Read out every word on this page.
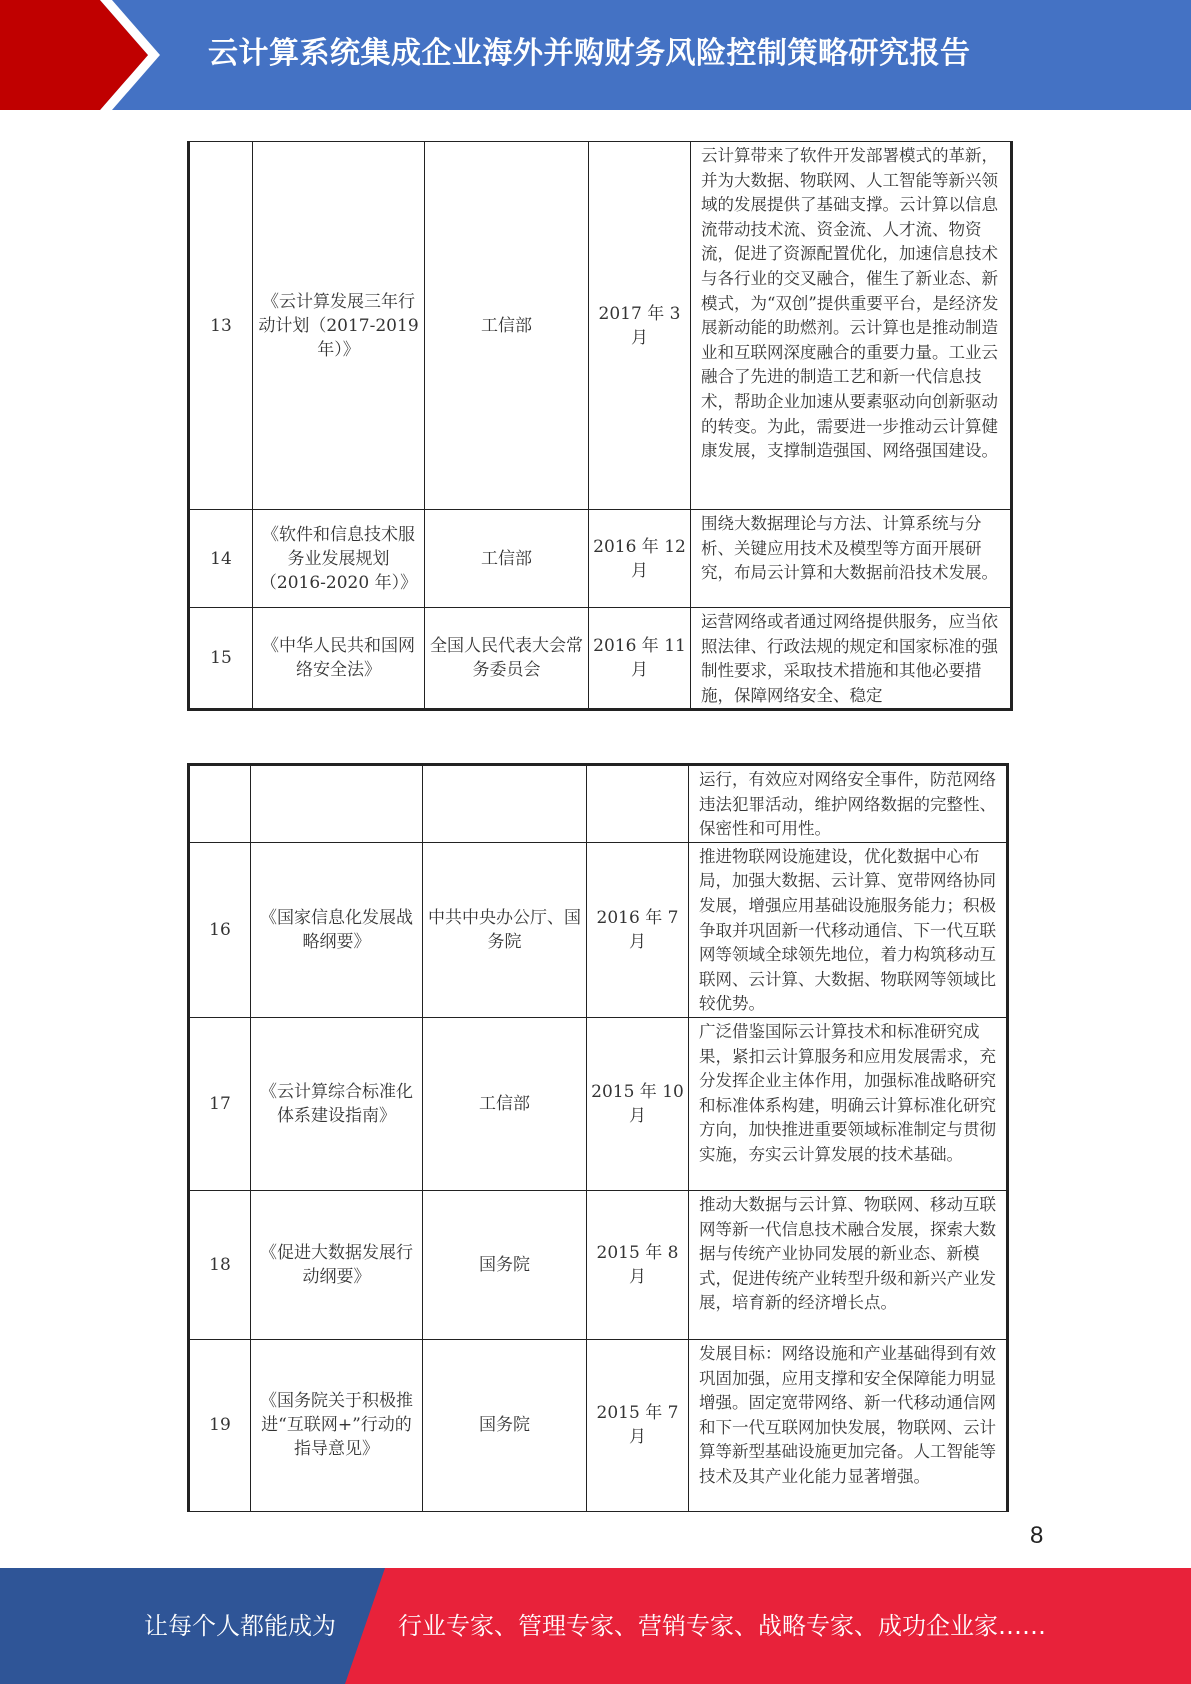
云计算系统集成企业海外并购财务风险控制策略研究报告
13	《云计算发展三年行动计划（2017-2019 年）》	工信部	2017 年 3 月	云计算带来了软件开发部署模式的革新，并为大数据、物联网、人工智能等新兴领域的发展提供了基础支撑。云计算以信息流带动技术流、资金流、人才流、物资流，促进了资源配置优化，加速信息技术与各行业的交叉融合，催生了新业态、新模式，为“双创”提供重要平台，是经济发展新动能的助燃剂。云计算也是推动制造业和互联网深度融合的重要力量。工业云融合了先进的制造工艺和新一代信息技术，帮助企业加速从要素驱动向创新驱动的转变。为此，需要进一步推动云计算健康发展，支撑制造强国、网络强国建设。
14	《软件和信息技术服务业发展规划（2016-2020 年）》	工信部	2016 年 12 月	围绕大数据理论与方法、计算系统与分析、关键应用技术及模型等方面开展研究，布局云计算和大数据前沿技术发展。
15	《中华人民共和国网络安全法》	全国人民代表大会常务委员会	2016 年 11 月	运营网络或者通过网络提供服务，应当依照法律、行政法规的规定和国家标准的强制性要求，采取技术措施和其他必要措施，保障网络安全、稳定
				运行，有效应对网络安全事件，防范网络违法犯罪活动，维护网络数据的完整性、保密性和可用性。
16	《国家信息化发展战略纲要》	中共中央办公厅、国务院	2016 年 7 月	推进物联网设施建设，优化数据中心布局，加强大数据、云计算、宽带网络协同发展，增强应用基础设施服务能力；积极争取并巩固新一代移动通信、下一代互联网等领域全球领先地位，着力构筑移动互联网、云计算、大数据、物联网等领域比较优势。
17	《云计算综合标准化体系建设指南》	工信部	2015 年 10 月	广泛借鉴国际云计算技术和标准研究成果，紧扣云计算服务和应用发展需求，充分发挥企业主体作用，加强标准战略研究和标准体系构建，明确云计算标准化研究方向，加快推进重要领域标准制定与贯彻实施，夯实云计算发展的技术基础。
18	《促进大数据发展行动纲要》	国务院	2015 年 8 月	推动大数据与云计算、物联网、移动互联网等新一代信息技术融合发展，探索大数据与传统产业协同发展的新业态、新模式，促进传统产业转型升级和新兴产业发展，培育新的经济增长点。
19	《国务院关于积极推进“互联网+”行动的指导意见》	国务院	2015 年 7 月	发展目标：网络设施和产业基础得到有效巩固加强，应用支撑和安全保障能力明显增强。固定宽带网络、新一代移动通信网和下一代互联网加快发展，物联网、云计算等新型基础设施更加完备。人工智能等技术及其产业化能力显著增强。
8
让每个人都能成为	行业专家、管理专家、营销专家、战略专家、成功企业家……
